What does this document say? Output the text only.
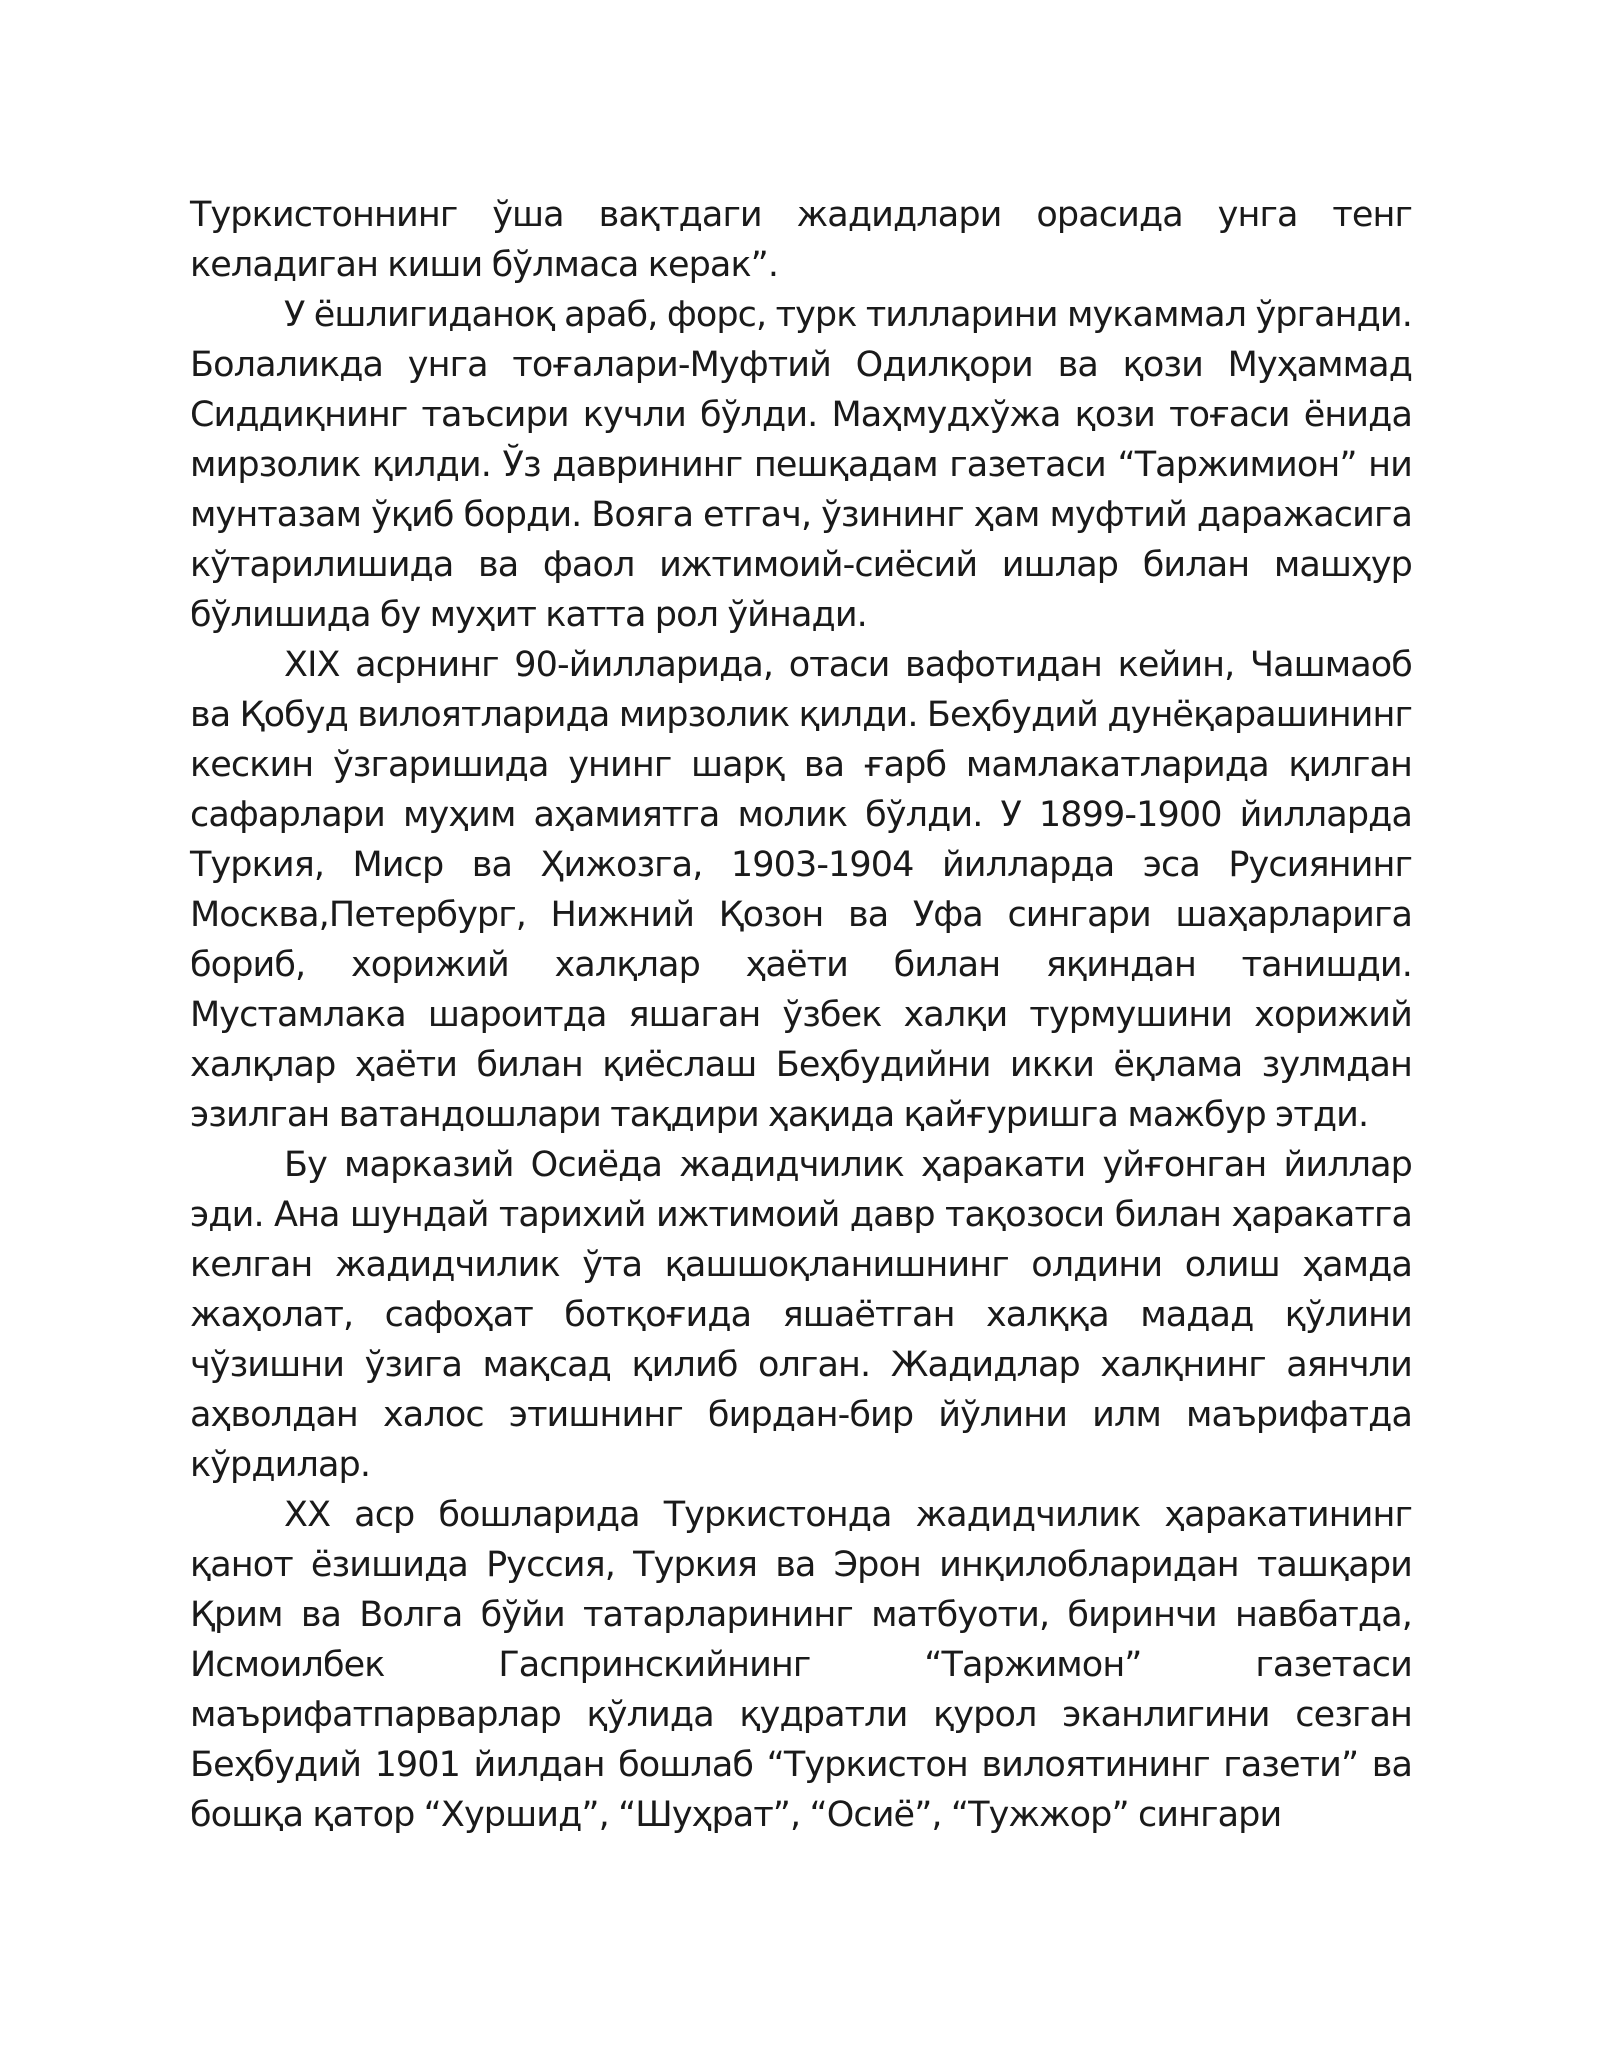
Туркистоннинг ўша вақтдаги жадидлари орасида унга тенг келадиган киши бўлмаса керак”.

У ёшлигиданоқ араб, форс, турк тилларини мукаммал ўрганди. Болаликда унга тоғалари-Муфтий Одилқори ва қози Муҳаммад Сиддиқнинг таъсири кучли бўлди. Маҳмудхўжа қози тоғаси ёнида мирзолик қилди. Ўз даврининг пешқадам газетаси “Таржимион” ни мунтазам ўқиб борди. Вояга етгач, ўзининг ҳам муфтий даражасига кўтарилишида ва фаол ижтимоий-сиёсий ишлар билан машҳур бўлишида бу муҳит катта рол ўйнади.

XIX асрнинг 90-йилларида, отаси вафотидан кейин, Чашмаоб ва Қобуд вилоятларида мирзолик қилди. Беҳбудий дунёқарашининг кескин ўзгаришида унинг шарқ ва ғарб мамлакатларида қилган сафарлари муҳим аҳамиятга молик бўлди. У 1899-1900 йилларда Туркия, Миср ва Ҳижозга, 1903-1904 йилларда эса Русиянинг Москва,Петербург, Нижний Қозон ва Уфа сингари шаҳарларига бориб, хорижий халқлар ҳаёти билан яқиндан танишди. Мустамлака шароитда яшаган ўзбек халқи турмушини хорижий халқлар ҳаёти билан қиёслаш Беҳбудийни икки ёқлама зулмдан эзилган ватандошлари тақдири ҳақида қайғуришга мажбур этди.

Бу марказий Осиёда жадидчилик ҳаракати уйғонган йиллар эди. Ана шундай тарихий ижтимоий давр тақозоси билан ҳаракатга келган жадидчилик ўта қашшоқланишнинг олдини олиш ҳамда жаҳолат, сафоҳат ботқоғида яшаётган халққа мадад қўлини чўзишни ўзига мақсад қилиб олган. Жадидлар халқнинг аянчли аҳволдан халос этишнинг бирдан-бир йўлини илм маърифатда кўрдилар.

XX аср бошларида Туркистонда жадидчилик ҳаракатининг қанот ёзишида Руссия, Туркия ва Эрон инқилобларидан ташқари Қрим ва Волга бўйи татарларининг матбуоти, биринчи навбатда, Исмоилбек Гаспринскийнинг “Таржимон” газетаси маърифатпарварлар қўлида қудратли қурол эканлигини сезган Беҳбудий 1901 йилдан бошлаб “Туркистон вилоятининг газети” ва бошқа қатор “Хуршид”, “Шуҳрат”, “Осиё”, “Тужжор” сингари
